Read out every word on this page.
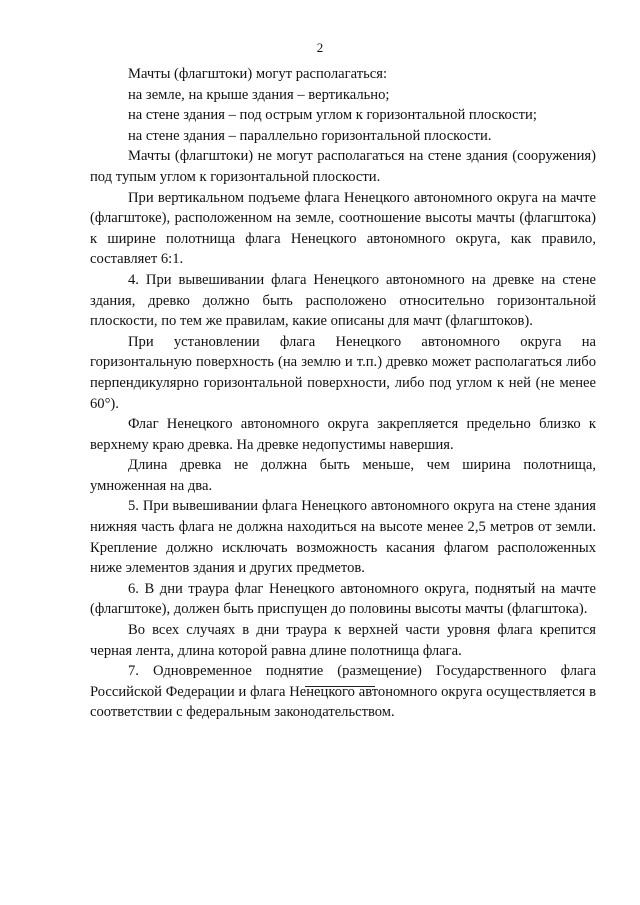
2

Мачты (флагштоки) могут располагаться:

на земле, на крыше здания – вертикально;

на стене здания – под острым углом к горизонтальной плоскости;

на стене здания – параллельно горизонтальной плоскости.

Мачты (флагштоки) не могут располагаться на стене здания (сооружения) под тупым углом к горизонтальной плоскости.

При вертикальном подъеме флага Ненецкого автономного округа на мачте (флагштоке), расположенном на земле, соотношение высоты мачты (флагштока) к ширине полотнища флага Ненецкого автономного округа, как правило, составляет 6:1.

4. При вывешивании флага Ненецкого автономного на древке на стене здания, древко должно быть расположено относительно горизонтальной плоскости, по тем же правилам, какие описаны для мачт (флагштоков).

При установлении флага Ненецкого автономного округа на горизонтальную поверхность (на землю и т.п.) древко может располагаться либо перпендикулярно горизонтальной поверхности, либо под углом к ней (не менее 60°).

Флаг Ненецкого автономного округа закрепляется предельно близко к верхнему краю древка. На древке недопустимы навершия.

Длина древка не должна быть меньше, чем ширина полотнища, умноженная на два.

5. При вывешивании флага Ненецкого автономного округа на стене здания нижняя часть флага не должна находиться на высоте менее 2,5 метров от земли. Крепление должно исключать возможность касания флагом расположенных ниже элементов здания и других предметов.

6. В дни траура флаг Ненецкого автономного округа, поднятый на мачте (флагштоке), должен быть приспущен до половины высоты мачты (флагштока).

Во всех случаях в дни траура к верхней части уровня флага крепится черная лента, длина которой равна длине полотнища флага.

7. Одновременное поднятие (размещение) Государственного флага Российской Федерации и флага Ненецкого автономного округа осуществляется в соответствии с федеральным законодательством.
